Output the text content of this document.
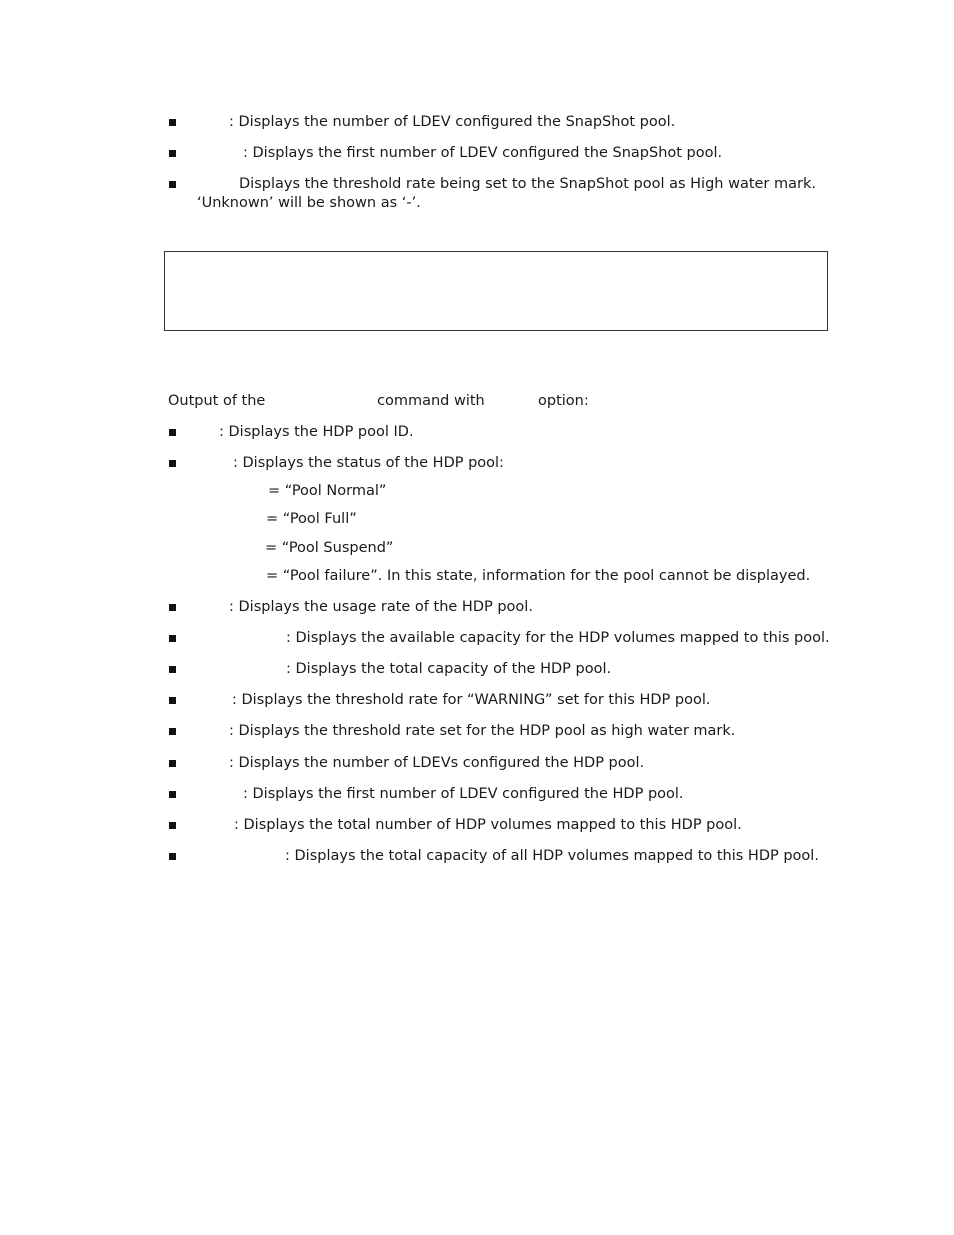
: Displays the number of LDEV configured the SnapShot pool.
: Displays the first number of LDEV configured the SnapShot pool.
Displays the threshold rate being set to the SnapShot pool as High water mark.
‘Unknown’ will be shown as ‘-’.
Output of the	command with	option:
: Displays the HDP pool ID.
: Displays the status of the HDP pool:
= “Pool Normal”
= “Pool Full”
= “Pool Suspend”
= “Pool failure”. In this state, information for the pool cannot be displayed.
: Displays the usage rate of the HDP pool.
: Displays the available capacity for the HDP volumes mapped to this pool.
: Displays the total capacity of the HDP pool.
: Displays the threshold rate for “WARNING” set for this HDP pool.
: Displays the threshold rate set for the HDP pool as high water mark.
: Displays the number of LDEVs configured the HDP pool.
: Displays the first number of LDEV configured the HDP pool.
: Displays the total number of HDP volumes mapped to this HDP pool.
: Displays the total capacity of all HDP volumes mapped to this HDP pool.
